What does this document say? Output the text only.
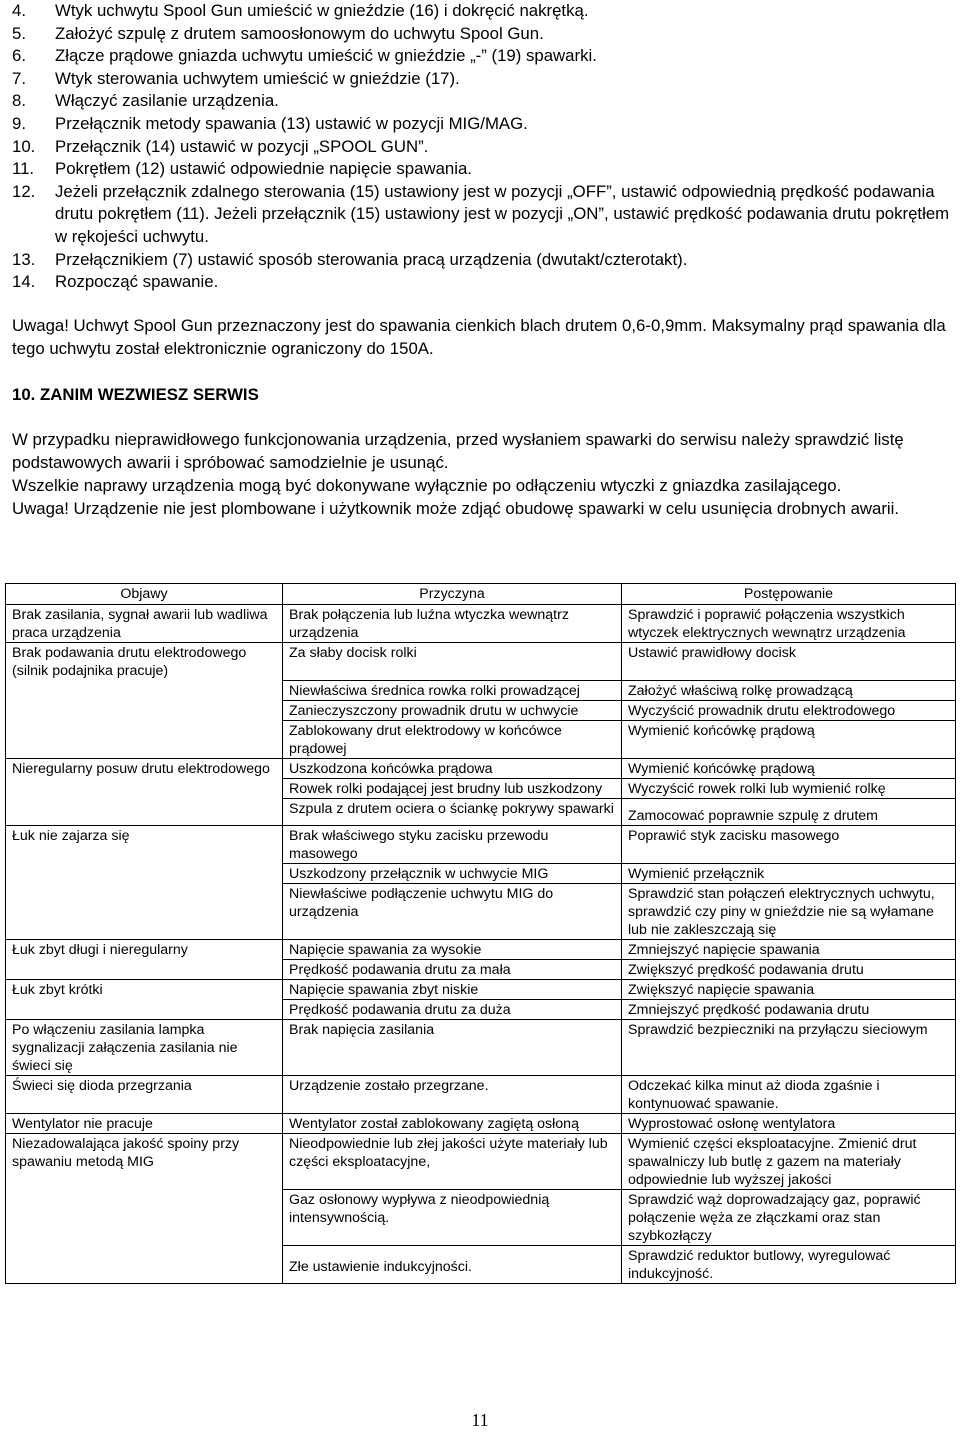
4.	Wtyk uchwytu Spool Gun umieścić w gnieździe (16) i dokręcić nakrętką.
5.	Założyć szpulę z drutem samoosłonowym do uchwytu Spool Gun.
6.	Złącze prądowe gniazda uchwytu umieścić w gnieździe „-” (19) spawarki.
7.	Wtyk sterowania uchwytem umieścić w gnieździe (17).
8.	Włączyć zasilanie urządzenia.
9.	Przełącznik metody spawania (13) ustawić w pozycji MIG/MAG.
10.	Przełącznik (14) ustawić w pozycji „SPOOL GUN”.
11.	Pokrętłem (12) ustawić odpowiednie napięcie spawania.
12.	Jeżeli przełącznik zdalnego sterowania (15) ustawiony jest w pozycji „OFF”, ustawić odpowiednią prędkość podawania drutu pokrętłem (11). Jeżeli przełącznik (15) ustawiony jest w pozycji „ON”, ustawić prędkość podawania drutu pokrętłem w rękojeści uchwytu.
13.	Przełącznikiem (7) ustawić sposób sterowania pracą urządzenia (dwutakt/czterotakt).
14.	Rozpocząć spawanie.

Uwaga! Uchwyt Spool Gun przeznaczony jest do spawania cienkich blach drutem 0,6-0,9mm. Maksymalny prąd spawania dla tego uchwytu został elektronicznie ograniczony do 150A.

10. ZANIM WEZWIESZ SERWIS

W przypadku nieprawidłowego funkcjonowania urządzenia, przed wysłaniem spawarki do serwisu należy sprawdzić listę podstawowych awarii i spróbować samodzielnie je usunąć.

Wszelkie naprawy urządzenia mogą być dokonywane wyłącznie po odłączeniu wtyczki z gniazdka zasilającego.

Uwaga! Urządzenie nie jest plombowane i użytkownik może zdjąć obudowę spawarki w celu usunięcia drobnych awarii.

Objawy	Przyczyna	Postępowanie
Brak zasilania, sygnał awarii lub wadliwa praca urządzenia	Brak połączenia lub luźna wtyczka wewnątrz urządzenia	Sprawdzić i poprawić połączenia wszystkich wtyczek elektrycznych wewnątrz urządzenia
Brak podawania drutu elektrodowego (silnik podajnika pracuje)	Za słaby docisk rolki	Ustawić prawidłowy docisk
	Niewłaściwa średnica rowka rolki prowadzącej	Założyć właściwą rolkę prowadzącą
	Zanieczyszczony prowadnik drutu w uchwycie	Wyczyścić prowadnik drutu elektrodowego
	Zablokowany drut elektrodowy w końcówce prądowej	Wymienić końcówkę prądową
Nieregularny posuw drutu elektrodowego	Uszkodzona końcówka prądowa	Wymienić końcówkę prądową
	Rowek rolki podającej jest brudny lub uszkodzony	Wyczyścić rowek rolki lub wymienić rolkę
	Szpula z drutem ociera o ściankę pokrywy spawarki	Zamocować poprawnie szpulę z drutem
Łuk nie zajarza się	Brak właściwego styku zacisku przewodu masowego	Poprawić styk zacisku masowego
	Uszkodzony przełącznik w uchwycie MIG	Wymienić przełącznik
	Niewłaściwe podłączenie uchwytu MIG do urządzenia	Sprawdzić stan połączeń elektrycznych uchwytu, sprawdzić czy piny w gnieździe nie są wyłamane lub nie zakleszczają się
Łuk zbyt długi i nieregularny	Napięcie spawania za wysokie	Zmniejszyć napięcie spawania
	Prędkość podawania drutu za mała	Zwiększyć prędkość podawania drutu
Łuk zbyt krótki	Napięcie spawania zbyt niskie	Zwiększyć napięcie spawania
	Prędkość podawania drutu za duża	Zmniejszyć prędkość podawania drutu
Po włączeniu zasilania lampka sygnalizacji załączenia zasilania nie świeci się	Brak napięcia zasilania	Sprawdzić bezpieczniki na przyłączu sieciowym
Świeci się dioda przegrzania	Urządzenie zostało przegrzane.	Odczekać kilka minut aż dioda zgaśnie i kontynuować spawanie.
Wentylator nie pracuje	Wentylator został zablokowany zagiętą osłoną	Wyprostować osłonę wentylatora
Niezadowalająca jakość spoiny przy spawaniu metodą MIG	Nieodpowiednie lub złej jakości użyte materiały lub części eksploatacyjne,	Wymienić części eksploatacyjne. Zmienić drut spawalniczy lub butlę z gazem na materiały odpowiednie lub wyższej jakości
	Gaz osłonowy wypływa z nieodpowiednią intensywnością.	Sprawdzić wąż doprowadzający gaz, poprawić połączenie węża ze złączkami oraz stan szybkozłączy
	Złe ustawienie indukcyjności.	Sprawdzić reduktor butlowy, wyregulować indukcyjność.
11
